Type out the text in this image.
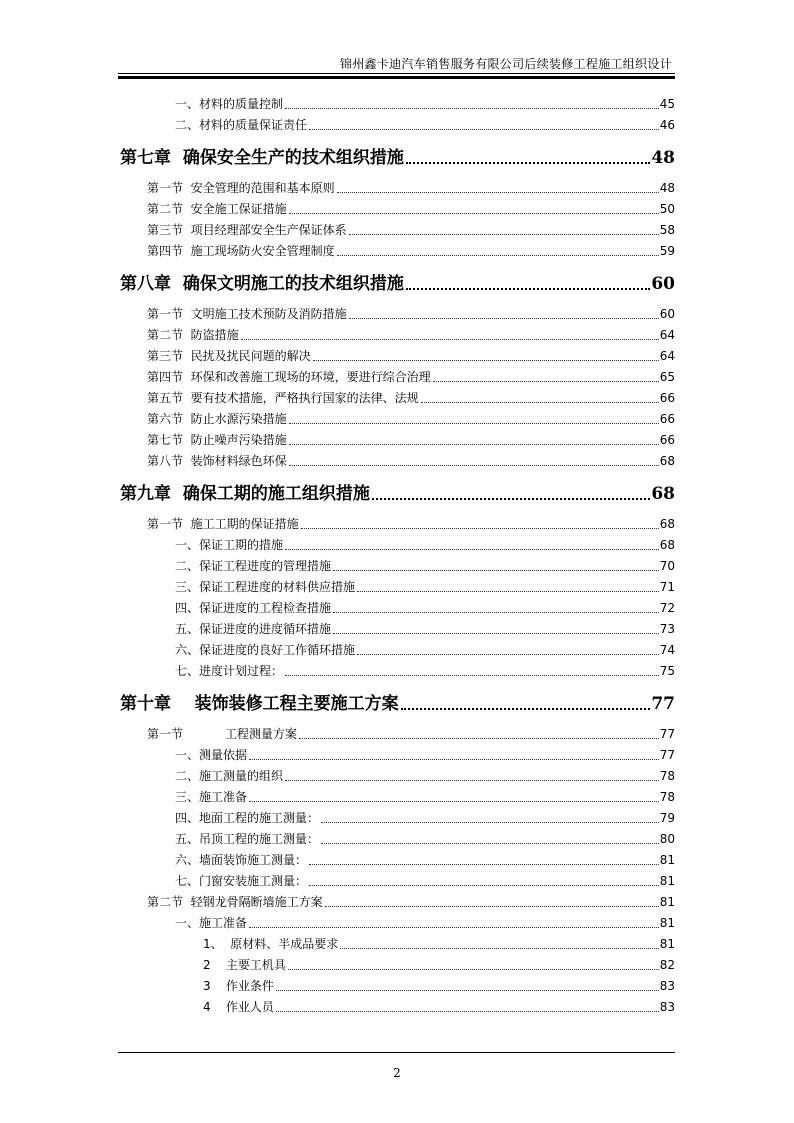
锦州鑫卡迪汽车销售服务有限公司后续装修工程施工组织设计
一、材料的质量控制	45
二、材料的质量保证责任	46
第七章  确保安全生产的技术组织措施	48
第一节  安全管理的范围和基本原则	48
第二节  安全施工保证措施	50
第三节  项目经理部安全生产保证体系	58
第四节  施工现场防火安全管理制度	59
第八章  确保文明施工的技术组织措施	60
第一节  文明施工技术预防及消防措施	60
第二节  防盗措施	64
第三节  民扰及扰民问题的解决	64
第四节  环保和改善施工现场的环境，要进行综合治理	65
第五节  要有技术措施，严格执行国家的法律、法规	66
第六节  防止水源污染措施	66
第七节  防止噪声污染措施	66
第八节  装饰材料绿色环保	68
第九章  确保工期的施工组织措施	68
第一节  施工工期的保证措施	68
一、保证工期的措施	68
二、保证工程进度的管理措施	70
三、保证工程进度的材料供应措施	71
四、保证进度的工程检查措施	72
五、保证进度的进度循环措施	73
六、保证进度的良好工作循环措施	74
七、进度计划过程：	75
第十章    装饰装修工程主要施工方案	77
第一节           工程测量方案	77
一、测量依据	77
二、施工测量的组织	78
三、施工准备	78
四、地面工程的施工测量：	79
五、吊顶工程的施工测量：	80
六、墙面装饰施工测量：	81
七、门窗安装施工测量：	81
第二节  轻钢龙骨隔断墙施工方案	81
一、施工准备	81
1、  原材料、半成品要求	81
2    主要工机具	82
3    作业条件	83
4    作业人员	83
2
